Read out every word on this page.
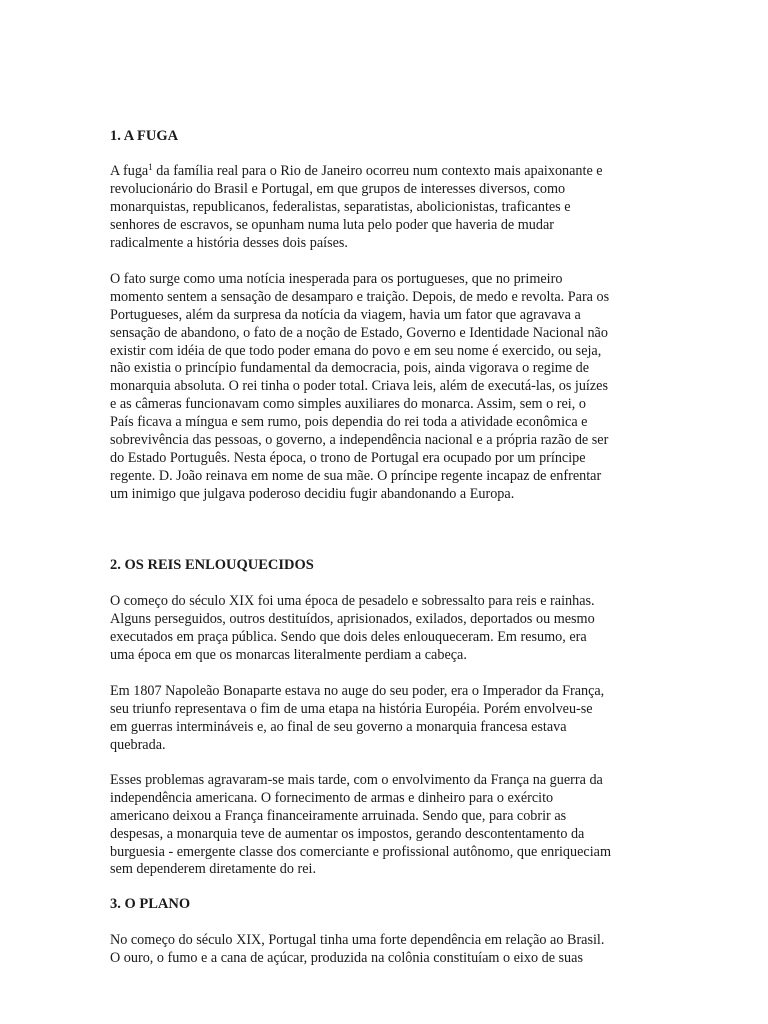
1. A FUGA
A fuga$^1$ da família real para o Rio de Janeiro ocorreu num contexto mais apaixonante e
revolucionário do Brasil e Portugal, em que grupos de interesses diversos, como
monarquistas, republicanos, federalistas, separatistas, abolicionistas, traficantes e
senhores de escravos, se opunham numa luta pelo poder que haveria de mudar
radicalmente a história desses dois países.
O fato surge como uma notícia inesperada para os portugueses, que no primeiro
momento sentem a sensação de desamparo e traição. Depois, de medo e revolta. Para os
Portugueses, além da surpresa da notícia da viagem, havia um fator que agravava a
sensação de abandono, o fato de a noção de Estado, Governo e Identidade Nacional não
existir com idéia de que todo poder emana do povo e em seu nome é exercido, ou seja,
não existia o princípio fundamental da democracia, pois, ainda vigorava o regime de
monarquia absoluta. O rei tinha o poder total. Criava leis, além de executá-las, os juízes
e as câmeras funcionavam como simples auxiliares do monarca. Assim, sem o rei, o
País ficava a míngua e sem rumo, pois dependia do rei toda a atividade econômica e
sobrevivência das pessoas, o governo, a independência nacional e a própria razão de ser
do Estado Português. Nesta época, o trono de Portugal era ocupado por um príncipe
regente. D. João reinava em nome de sua mãe. O príncipe regente incapaz de enfrentar
um inimigo que julgava poderoso decidiu fugir abandonando a Europa.
2. OS REIS ENLOUQUECIDOS
O começo do século XIX foi uma época de pesadelo e sobressalto para reis e rainhas.
Alguns perseguidos, outros destituídos, aprisionados, exilados, deportados ou mesmo
executados em praça pública. Sendo que dois deles enlouqueceram. Em resumo, era
uma época em que os monarcas literalmente perdiam a cabeça.
Em 1807 Napoleão Bonaparte estava no auge do seu poder, era o Imperador da França,
seu triunfo representava o fim de uma etapa na história Européia. Porém envolveu-se
em guerras intermináveis e, ao final de seu governo a monarquia francesa estava
quebrada.
Esses problemas agravaram-se mais tarde, com o envolvimento da França na guerra da
independência americana. O fornecimento de armas e dinheiro para o exército
americano deixou a França financeiramente arruinada. Sendo que, para cobrir as
despesas, a monarquia teve de aumentar os impostos, gerando descontentamento da
burguesia - emergente classe dos comerciante e profissional autônomo, que enriqueciam
sem dependerem diretamente do rei.
3. O PLANO
No começo do século XIX, Portugal tinha uma forte dependência em relação ao Brasil.
O ouro, o fumo e a cana de açúcar, produzida na colônia constituíam o eixo de suas
